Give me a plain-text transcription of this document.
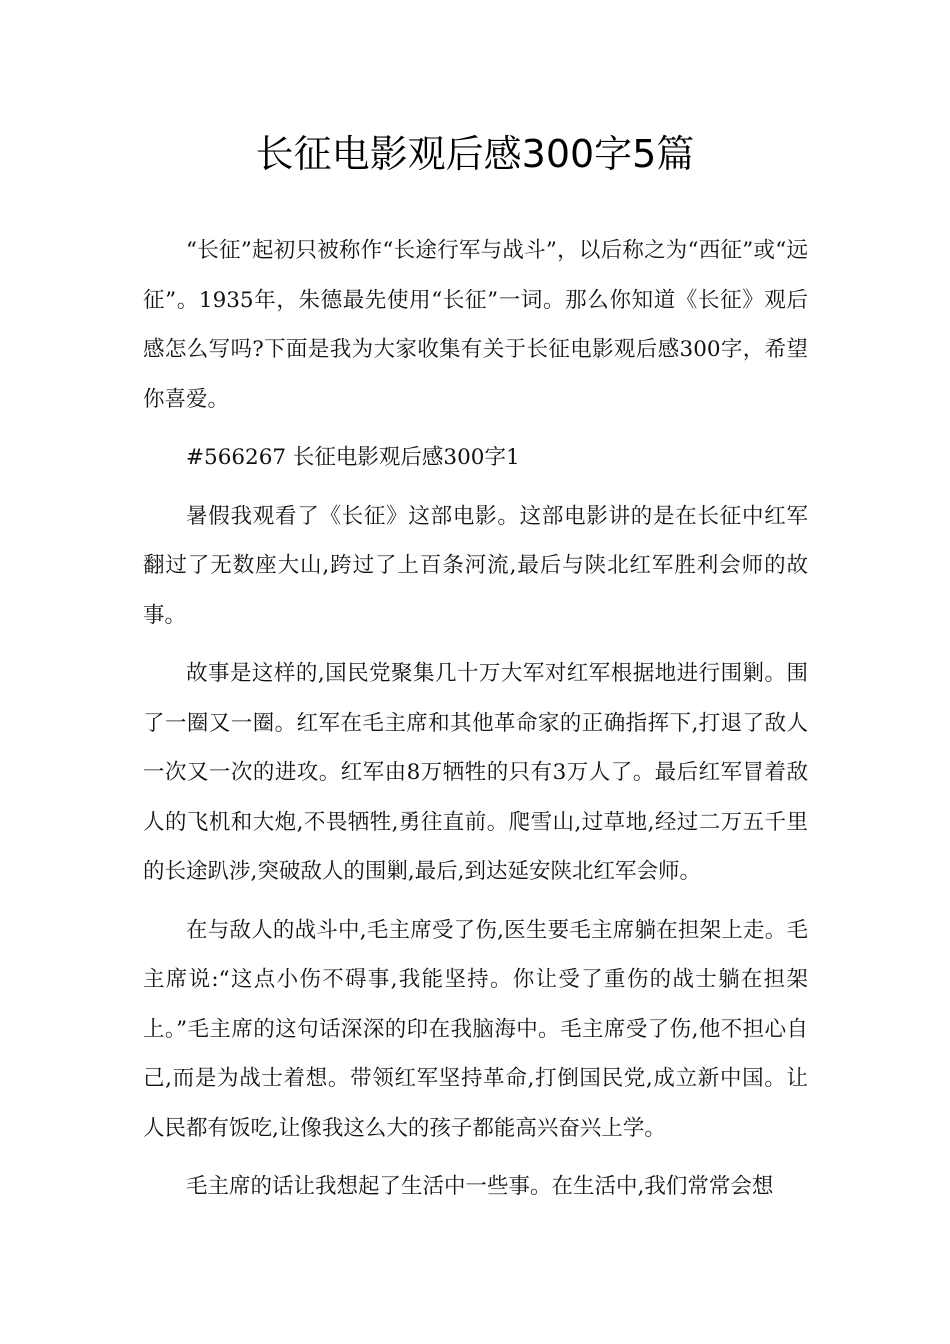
长征电影观后感300字5篇

“长征”起初只被称作“长途行军与战斗”，以后称之为“西征”或“远征”。1935年，朱德最先使用“长征”一词。那么你知道《长征》观后感怎么写吗?下面是我为大家收集有关于长征电影观后感300字，希望你喜爱。

#566267 长征电影观后感300字1

暑假我观看了《长征》这部电影。这部电影讲的是在长征中红军翻过了无数座大山,跨过了上百条河流,最后与陕北红军胜利会师的故事。

故事是这样的,国民党聚集几十万大军对红军根据地进行围剿。围了一圈又一圈。红军在毛主席和其他革命家的正确指挥下,打退了敌人一次又一次的进攻。红军由8万牺牲的只有3万人了。最后红军冒着敌人的飞机和大炮,不畏牺牲,勇往直前。爬雪山,过草地,经过二万五千里的长途趴涉,突破敌人的围剿,最后,到达延安陕北红军会师。

在与敌人的战斗中,毛主席受了伤,医生要毛主席躺在担架上走。毛主席说:“这点小伤不碍事,我能坚持。你让受了重伤的战士躺在担架上。”毛主席的这句话深深的印在我脑海中。毛主席受了伤,他不担心自己,而是为战士着想。带领红军坚持革命,打倒国民党,成立新中国。让人民都有饭吃,让像我这么大的孩子都能高兴奋兴上学。

毛主席的话让我想起了生活中一些事。在生活中,我们常常会想
